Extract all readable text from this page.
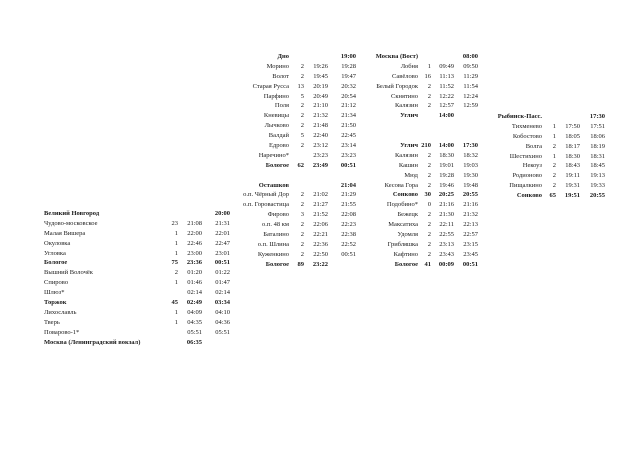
Великий Новгород	20:00
Чудово-московское	23	21:08	21:31
Малая Вишера	1	22:00	22:01
Окуловка	1	22:46	22:47
Угловка	1	23:00	23:01
Бологое	75	23:36	00:51
Вышний Волочёк	2	01:20	01:22
Спирово	1	01:46	01:47
Шлюз*	02:14	02:14
Торжок	45	02:49	03:34
Лихославль	1	04:09	04:10
Тверь	1	04:35	04:36
Поварово-1*	05:51	05:51
Москва (Ленинградский вокзал)	06:35
Дно	19:00
Морино	2	19:26	19:28
Волот	2	19:45	19:47
Старая Русса	13	20:19	20:32
Парфино	5	20:49	20:54
Поля	2	21:10	21:12
Кневицы	2	21:32	21:34
Лычково	2	21:48	21:50
Валдай	5	22:40	22:45
Едрово	2	23:12	23:14
Наречино*	23:23	23:23
Бологое	62	23:49	00:51
Осташков	21:04
о.п. Чёрный Дор	2	21:02	21:29
о.п. Горовастица	2	21:27	21:55
Фирово	3	21:52	22:08
о.п. 48 км	2	22:06	22:23
Баталино	2	22:21	22:38
о.п. Шлина	2	22:36	22:52
Куженкино	2	22:50	00:51
Бологое	89	23:22
Москва (Вост)	08:00
Лобня	1	09:49	09:50
Савёлово	16	11:13	11:29
Белый Городок	2	11:52	11:54
Скнятино	2	12:22	12:24
Калязин	2	12:57	12:59
Углич	14:00
Углич 210	14:00	17:30
Калязин	2	18:30	18:32
Кашин	2	19:01	19:03
Мюд	2	19:28	19:30
Кесова Гора	2	19:46	19:48
Сонково	30	20:25	20:55
Подобино*	0	21:16	21:16
Бежецк	2	21:30	21:32
Максатиха	2	22:11	22:13
Удомля	2	22:55	22:57
Грибляшка	2	23:13	23:15
Кафтино	2	23:43	23:45
Бологое	41	00:09	00:51
Рыбинск-Пасс.	17:30
Тихменево	1	17:50	17:51
Кобостово	1	18:05	18:06
Волга	2	18:17	18:19
Шестихино	1	18:30	18:31
Некоуз	2	18:43	18:45
Родионово	2	19:11	19:13
Пищалкино	2	19:31	19:33
Сонково	65	19:51	20:55
